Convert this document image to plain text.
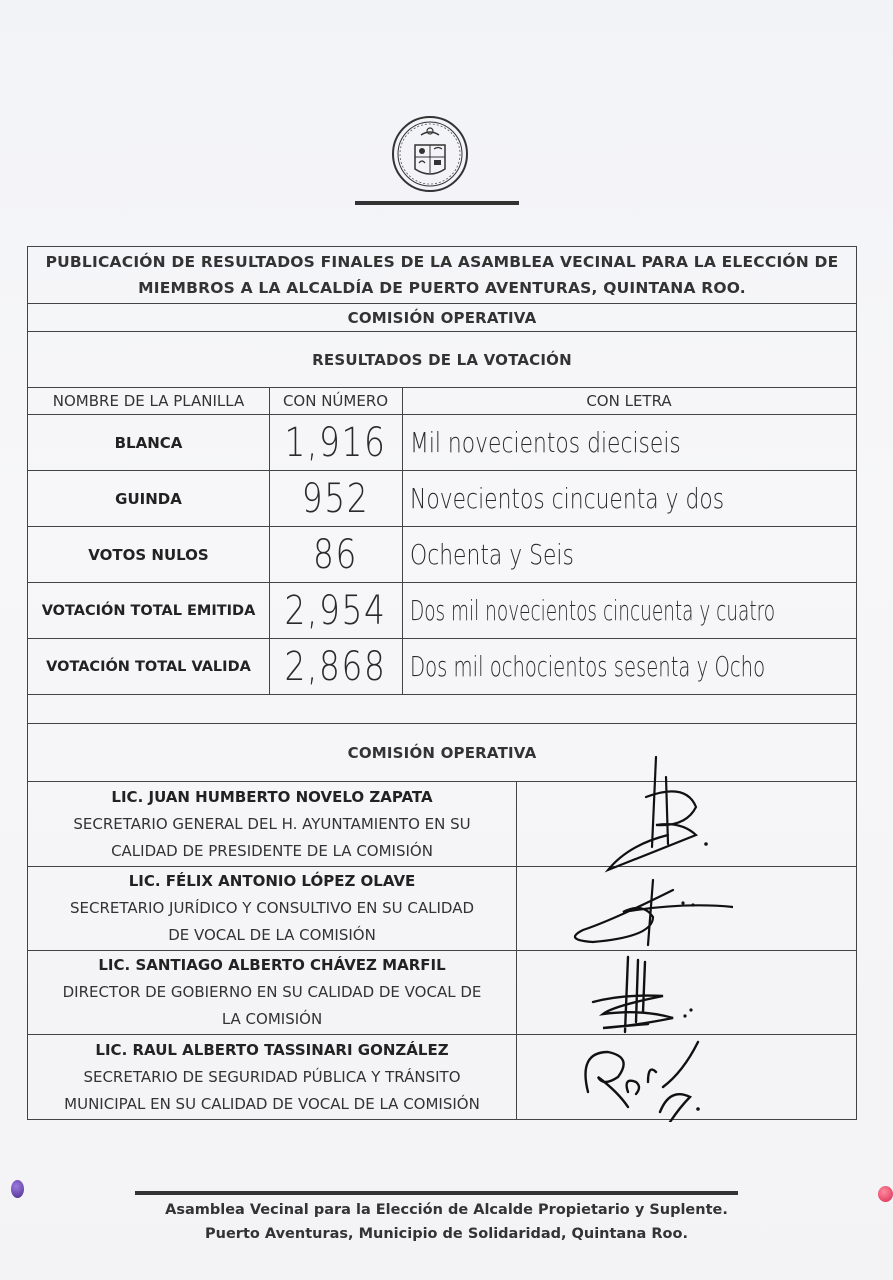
PUBLICACIÓN DE RESULTADOS FINALES DE LA ASAMBLEA VECINAL PARA LA ELECCIÓN DE
MIEMBROS A LA ALCALDÍA DE PUERTO AVENTURAS, QUINTANA ROO.
COMISIÓN OPERATIVA
RESULTADOS DE LA VOTACIÓN
NOMBRE DE LA PLANILLA	CON NÚMERO	CON LETRA
BLANCA	1,916 Mil novecientos dieciseis
GUINDA	952	Novecientos cincuenta y dos
VOTOS NULOS	86	Ochenta y Seis
VOTACIÓN TOTAL EMITIDA 2,954 Dos mil novecientos cincuenta y cuatro
VOTACIÓN TOTAL VALIDA 2,868 Dos mil ochocientos sesenta y Ocho
COMISIÓN OPERATIVA
LIC. JUAN HUMBERTO NOVELO ZAPATA
SECRETARIO GENERAL DEL H. AYUNTAMIENTO EN SU
CALIDAD DE PRESIDENTE DE LA COMISIÓN
LIC. FÉLIX ANTONIO LÓPEZ OLAVE
SECRETARIO JURÍDICO Y CONSULTIVO EN SU CALIDAD
DE VOCAL DE LA COMISIÓN
LIC. SANTIAGO ALBERTO CHÁVEZ MARFIL
DIRECTOR DE GOBIERNO EN SU CALIDAD DE VOCAL DE
LA COMISIÓN
LIC. RAUL ALBERTO TASSINARI GONZÁLEZ
SECRETARIO DE SEGURIDAD PÚBLICA Y TRÁNSITO
MUNICIPAL EN SU CALIDAD DE VOCAL DE LA COMISIÓN
Asamblea Vecinal para la Elección de Alcalde Propietario y Suplente.
Puerto Aventuras, Municipio de Solidaridad, Quintana Roo.
